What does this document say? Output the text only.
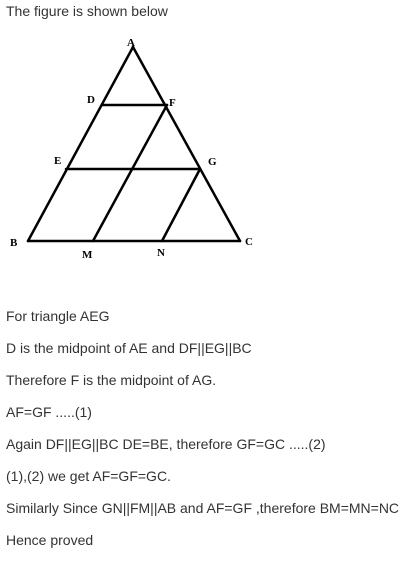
The figure is shown below
A
B	C
D
E
F
G
M	N
For triangle AEG
D is the midpoint of AE and DF||EG||BC
Therefore F is the midpoint of AG.
AF=GF .....(1)
Again DF||EG||BC DE=BE, therefore GF=GC .....(2)
(1),(2) we get AF=GF=GC.
Similarly Since GN||FM||AB and AF=GF ,therefore BM=MN=NC
Hence proved
